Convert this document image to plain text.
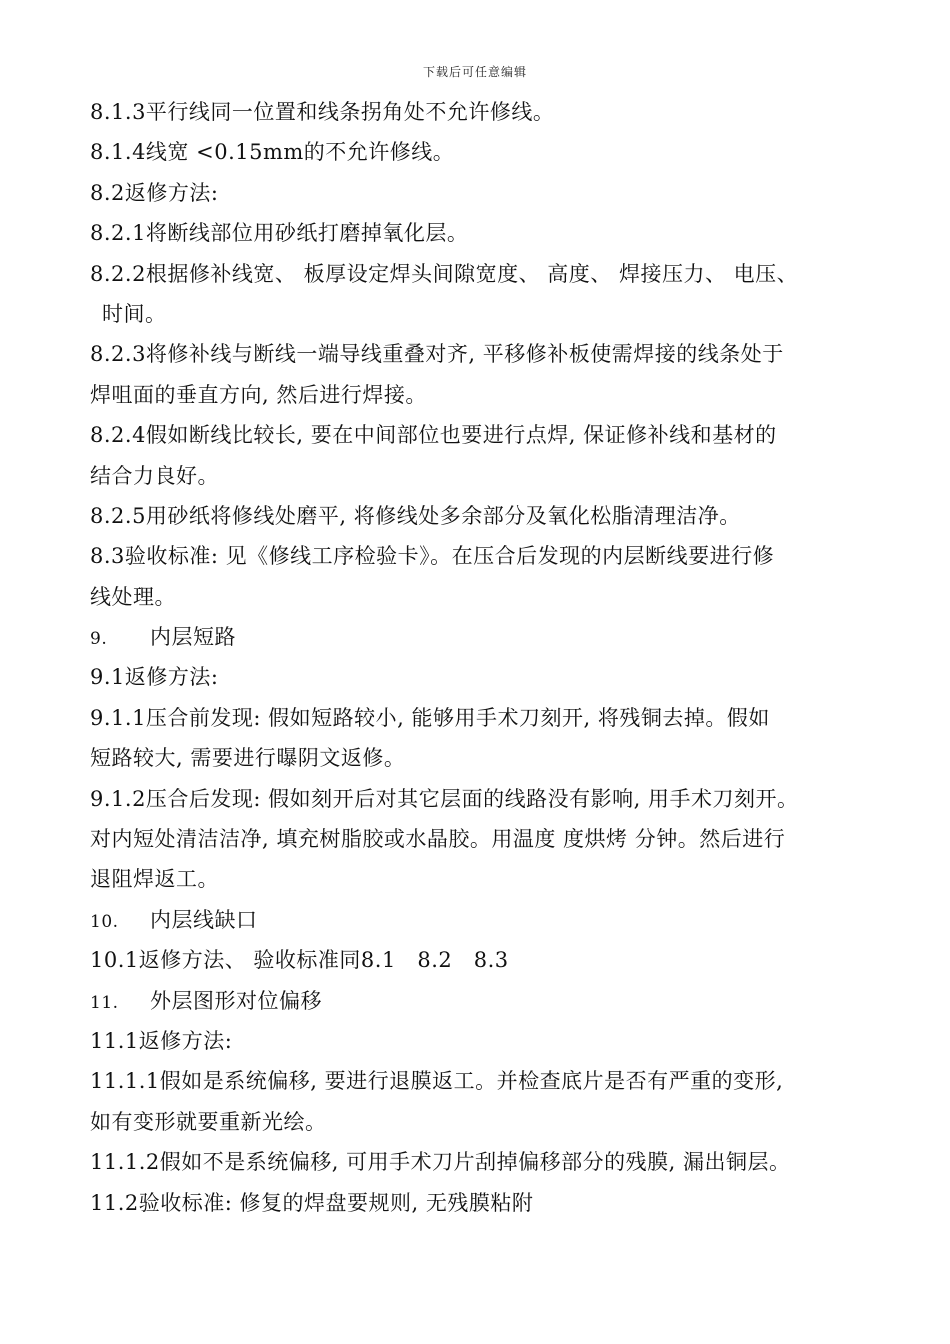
下载后可任意编辑
8.1.3平行线同一位置和线条拐角处不允许修线。
8.1.4线宽 <0.15mm的不允许修线。
8.2返修方法:
8.2.1将断线部位用砂纸打磨掉氧化层。
8.2.2根据修补线宽、 板厚设定焊头间隙宽度、 高度、 焊接压力、 电压、
时间。
8.2.3将修补线与断线一端导线重叠对齐, 平移修补板使需焊接的线条处于
焊咀面的垂直方向, 然后进行焊接。
8.2.4假如断线比较长, 要在中间部位也要进行点焊, 保证修补线和基材的
结合力良好。
8.2.5用砂纸将修线处磨平, 将修线处多余部分及氧化松脂清理洁净。
8.3验收标准: 见《修线工序检验卡》。在压合后发现的内层断线要进行修
线处理。
9. 内层短路
9.1返修方法:
9.1.1压合前发现: 假如短路较小, 能够用手术刀刻开, 将残铜去掉。假如
短路较大, 需要进行曝阴文返修。
9.1.2压合后发现: 假如刻开后对其它层面的线路没有影响, 用手术刀刻开。
对内短处清洁洁净, 填充树脂胶或水晶胶。用温度 度烘烤 分钟。然后进行
退阻焊返工。
10. 内层线缺口
10.1返修方法、 验收标准同8.1　8.2　8.3
11. 外层图形对位偏移
11.1返修方法:
11.1.1假如是系统偏移, 要进行退膜返工。并检查底片是否有严重的变形,
如有变形就要重新光绘。
11.1.2假如不是系统偏移, 可用手术刀片刮掉偏移部分的残膜, 漏出铜层。
11.2验收标准: 修复的焊盘要规则, 无残膜粘附
